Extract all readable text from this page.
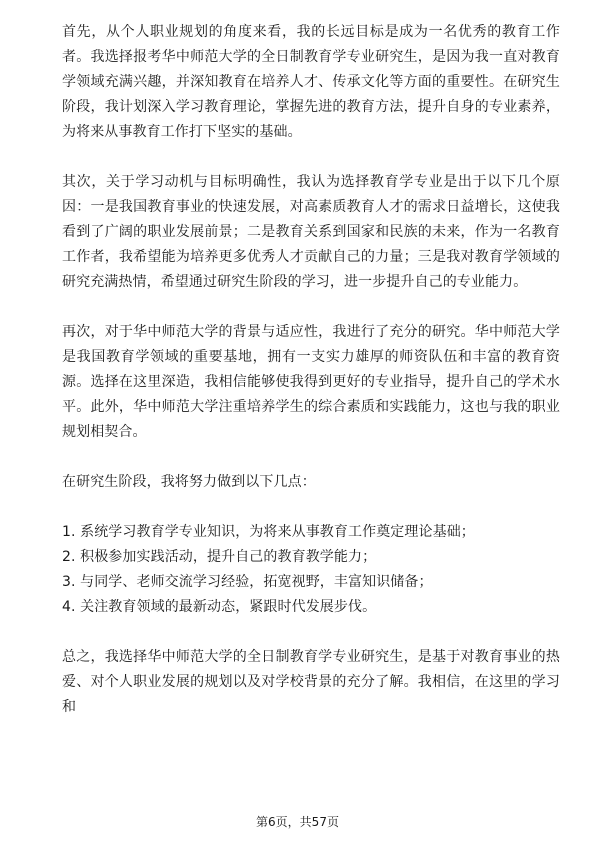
首先，从个人职业规划的角度来看，我的长远目标是成为一名优秀的教育工作者。我选择报考华中师范大学的全日制教育学专业研究生，是因为我一直对教育学领域充满兴趣，并深知教育在培养人才、传承文化等方面的重要性。在研究生阶段，我计划深入学习教育理论，掌握先进的教育方法，提升自身的专业素养，为将来从事教育工作打下坚实的基础。

其次，关于学习动机与目标明确性，我认为选择教育学专业是出于以下几个原因：一是我国教育事业的快速发展，对高素质教育人才的需求日益增长，这使我看到了广阔的职业发展前景；二是教育关系到国家和民族的未来，作为一名教育工作者，我希望能为培养更多优秀人才贡献自己的力量；三是我对教育学领域的研究充满热情，希望通过研究生阶段的学习，进一步提升自己的专业能力。

再次，对于华中师范大学的背景与适应性，我进行了充分的研究。华中师范大学是我国教育学领域的重要基地，拥有一支实力雄厚的师资队伍和丰富的教育资源。选择在这里深造，我相信能够使我得到更好的专业指导，提升自己的学术水平。此外，华中师范大学注重培养学生的综合素质和实践能力，这也与我的职业规划相契合。

在研究生阶段，我将努力做到以下几点：

1. 系统学习教育学专业知识，为将来从事教育工作奠定理论基础；
2. 积极参加实践活动，提升自己的教育教学能力；
3. 与同学、老师交流学习经验，拓宽视野，丰富知识储备；
4. 关注教育领域的最新动态，紧跟时代发展步伐。

总之，我选择华中师范大学的全日制教育学专业研究生，是基于对教育事业的热爱、对个人职业发展的规划以及对学校背景的充分了解。我相信，在这里的学习和

第6页，共57页
